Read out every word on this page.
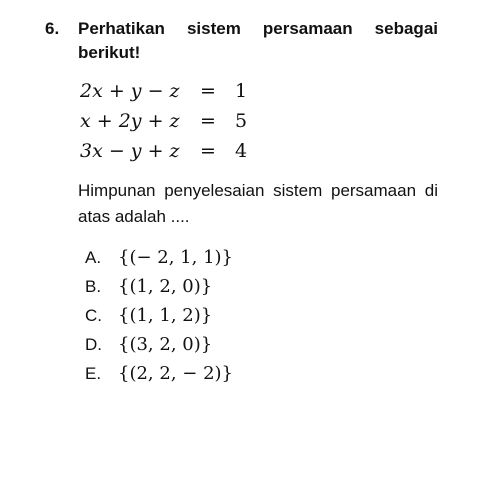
6. Perhatikan sistem persamaan sebagai berikut!
2x + y − z = 1
x + 2y + z = 5
3x − y + z = 4
Himpunan penyelesaian sistem persamaan di atas adalah ....
A. {(− 2, 1, 1)}
B. {(1, 2, 0)}
C. {(1, 1, 2)}
D. {(3, 2, 0)}
E. {(2, 2, − 2)}
